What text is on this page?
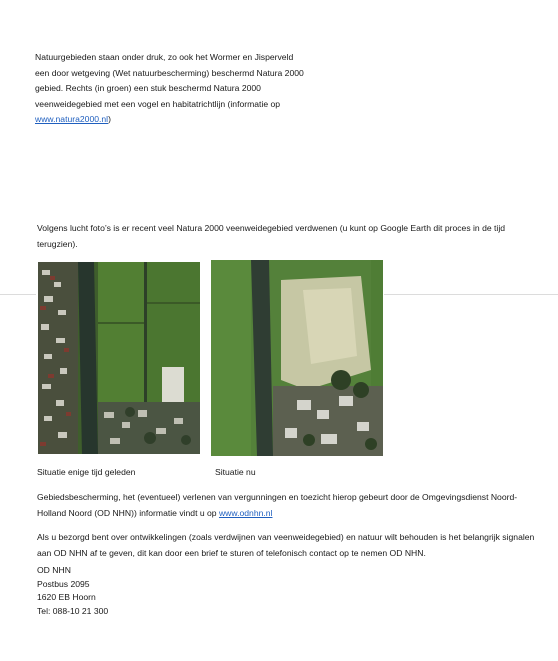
Natuurgebieden staan onder druk, zo ook het Wormer en Jisperveld een door wetgeving (Wet natuurbescherming) beschermd Natura 2000 gebied. Rechts (in groen) een stuk beschermd Natura 2000 veenweidegebied met een vogel en habitatrichtlijn (informatie op www.natura2000.nl)

Volgens lucht foto’s is er recent veel Natura 2000 veenweidegebied verdwenen (u kunt op Google Earth dit proces in de tijd terugzien).

Situatie enige tijd geleden	Situatie nu

Gebiedsbescherming, het (eventueel) verlenen van vergunningen en toezicht hierop gebeurt door de Omgevingsdienst Noord-Holland Noord (OD NHN)) informatie vindt u op www.odnhn.nl

Als u bezorgd bent over ontwikkelingen (zoals verdwijnen van veenweidegebied) en natuur wilt behouden is het belangrijk signalen aan OD NHN af te geven, dit kan door een brief te sturen of telefonisch contact op te nemen OD NHN.

OD NHN
Postbus 2095
1620 EB Hoorn
Tel: 088-10 21 300
